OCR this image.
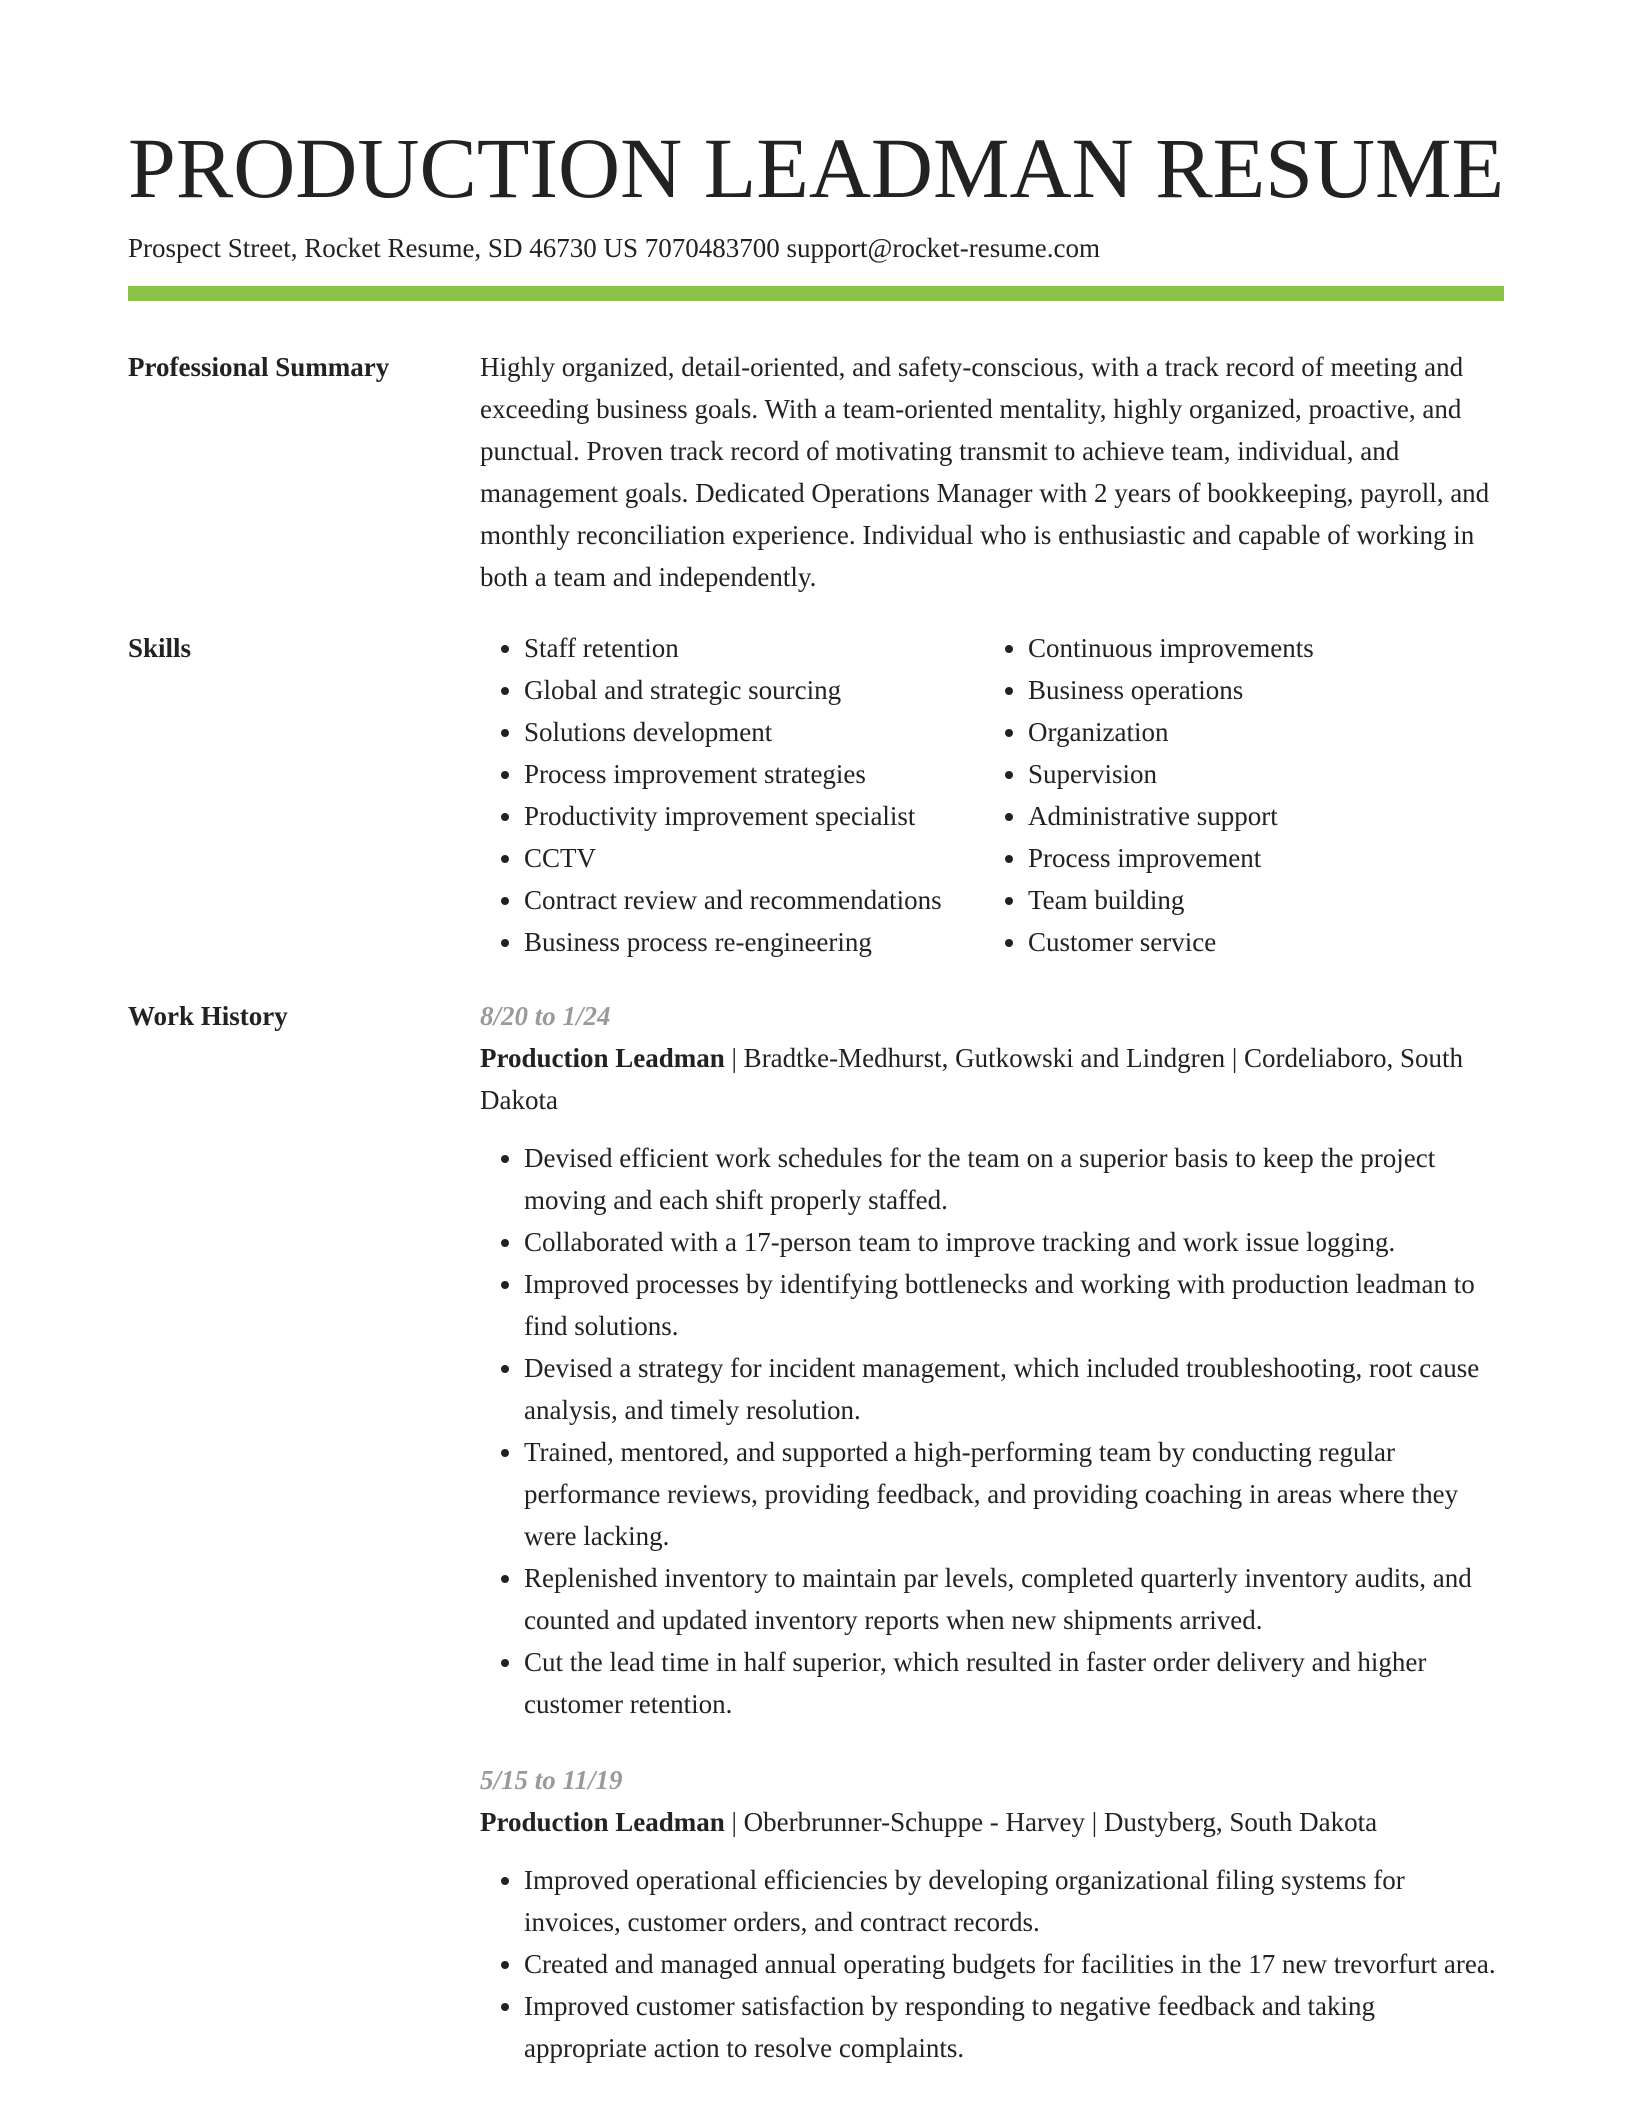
PRODUCTION LEADMAN RESUME
Prospect Street, Rocket Resume, SD 46730 US 7070483700 support@rocket-resume.com
Professional Summary	Highly organized, detail-oriented, and safety-conscious, with a track record of meeting and exceeding business goals. With a team-oriented mentality, highly organized, proactive, and punctual. Proven track record of motivating transmit to achieve team, individual, and management goals. Dedicated Operations Manager with 2 years of bookkeeping, payroll, and monthly reconciliation experience. Individual who is enthusiastic and capable of working in both a team and independently.

Skills
•	Staff retention
• Global and strategic sourcing
• Solutions development
• Process improvement strategies
• Productivity improvement specialist
• CCTV
• Contract review and recommendations
• Business process re-engineering
• Continuous improvements
• Business operations
• Organization
• Supervision
• Administrative support
• Process improvement
• Team building
• Customer service
Work History	8/20 to 1/24

Production Leadman | Bradtke-Medhurst, Gutkowski and Lindgren | Cordeliaboro, South Dakota

• Devised efficient work schedules for the team on a superior basis to keep the project moving and each shift properly staffed.
• Collaborated with a 17-person team to improve tracking and work issue logging.
• Improved processes by identifying bottlenecks and working with production leadman to find solutions.
• Devised a strategy for incident management, which included troubleshooting, root cause analysis, and timely resolution.
• Trained, mentored, and supported a high-performing team by conducting regular performance reviews, providing feedback, and providing coaching in areas where they were lacking.
• Replenished inventory to maintain par levels, completed quarterly inventory audits, and counted and updated inventory reports when new shipments arrived.
• Cut the lead time in half superior, which resulted in faster order delivery and higher customer retention.

5/15 to 11/19

Production Leadman | Oberbrunner-Schuppe - Harvey | Dustyberg, South Dakota

• Improved operational efficiencies by developing organizational filing systems for invoices, customer orders, and contract records.
• Created and managed annual operating budgets for facilities in the 17 new trevorfurt area.
• Improved customer satisfaction by responding to negative feedback and taking appropriate action to resolve complaints.
